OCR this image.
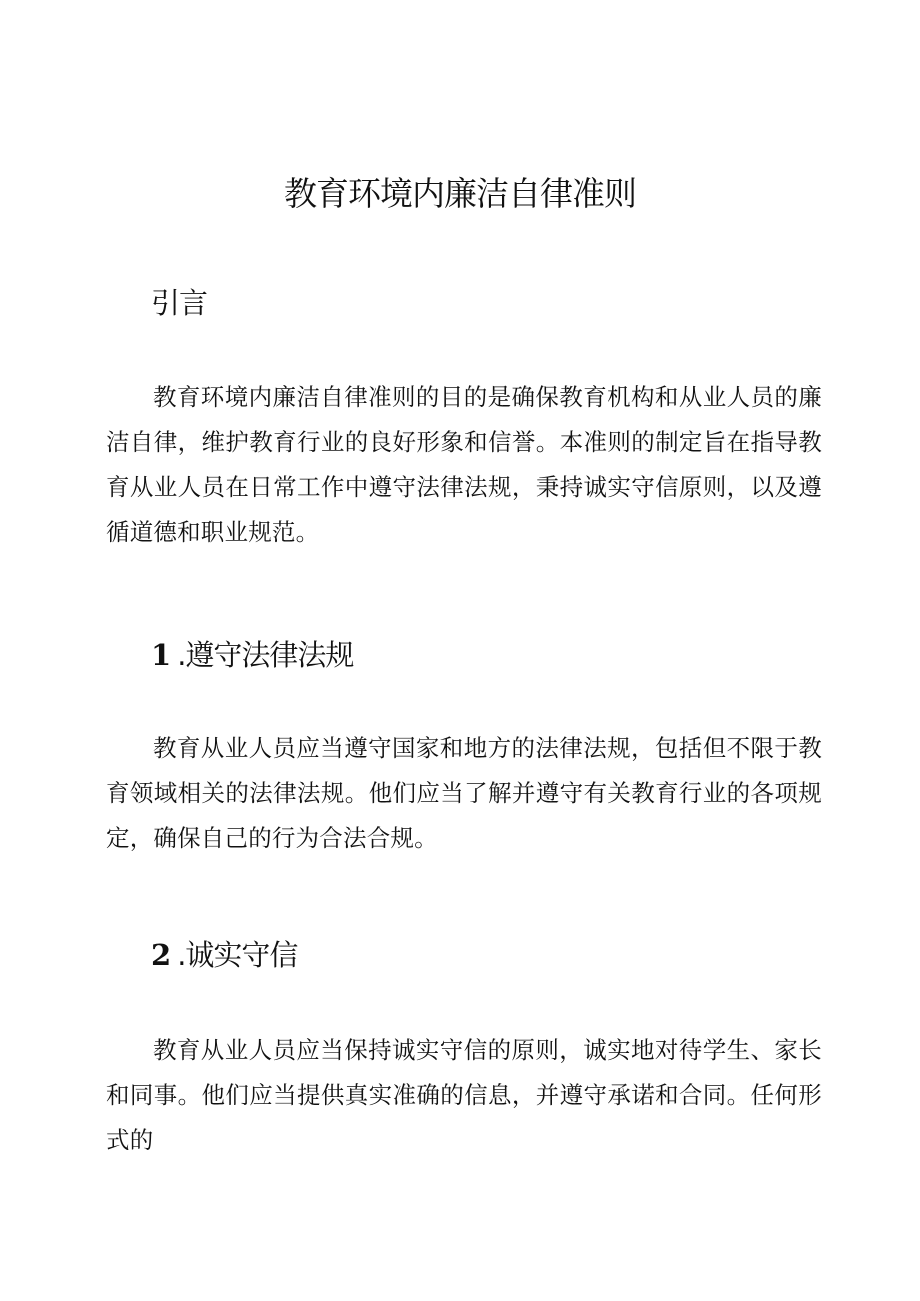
教育环境内廉洁自律准则
引言

教育环境内廉洁自律准则的目的是确保教育机构和从业人员的廉洁自律，维护教育行业的良好形象和信誉。本准则的制定旨在指导教育从业人员在日常工作中遵守法律法规，秉持诚实守信原则，以及遵循道德和职业规范。

1 .遵守法律法规

教育从业人员应当遵守国家和地方的法律法规，包括但不限于教育领域相关的法律法规。他们应当了解并遵守有关教育行业的各项规定，确保自己的行为合法合规。

2 .诚实守信

教育从业人员应当保持诚实守信的原则，诚实地对待学生、家长和同事。他们应当提供真实准确的信息，并遵守承诺和合同。任何形式的
